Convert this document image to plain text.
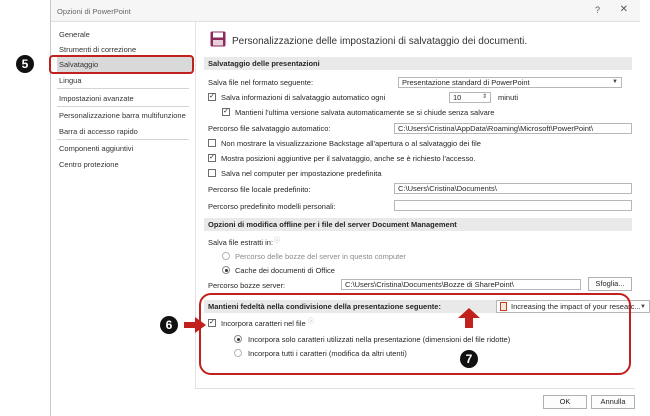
5
Opzioni di PowerPoint	? ✕
Generale
Strumenti di correzione
Salvataggio
Lingua
Impostazioni avanzate
Personalizzazione barra multifunzione
Barra di accesso rapido
Componenti aggiuntivi
Centro protezione
Personalizzazione delle impostazioni di salvataggio dei documenti.
Salvataggio delle presentazioni
Salva file nel formato seguente:	Presentazione standard di PowerPoint	▼
✓ Salva informazioni di salvataggio automatico ogni	10	⇕ minuti
✓ Mantieni l'ultima versione salvata automaticamente se si chiude senza salvare
Percorso file salvataggio automatico:	C:\Users\Cristina\AppData\Roaming\Microsoft\PowerPoint\
Non mostrare la visualizzazione Backstage all'apertura o al salvataggio dei file
✓ Mostra posizioni aggiuntive per il salvataggio, anche se è richiesto l'accesso.
Salva nel computer per impostazione predefinita
Percorso file locale predefinito:	C:\Users\Cristina\Documents\
Percorso predefinito modelli personali:
Opzioni di modifica offline per i file del server Document Management
Salva file estratti in: ⓘ
Percorso delle bozze del server in questo computer
Cache dei documenti di Office
Percorso bozze server:	C:\Users\Cristina\Documents\Bozze di SharePoint\	Sfoglia...
Mantieni fedeltà nella condivisione della presentazione seguente:	Increasing the impact of your researc... ▼
✓ Incorpora caratteri nel file ⓘ
Incorpora solo caratteri utilizzati nella presentazione (dimensioni del file ridotte)
Incorpora tutti i caratteri (modifica da altri utenti)
OK	Annulla
6
7
